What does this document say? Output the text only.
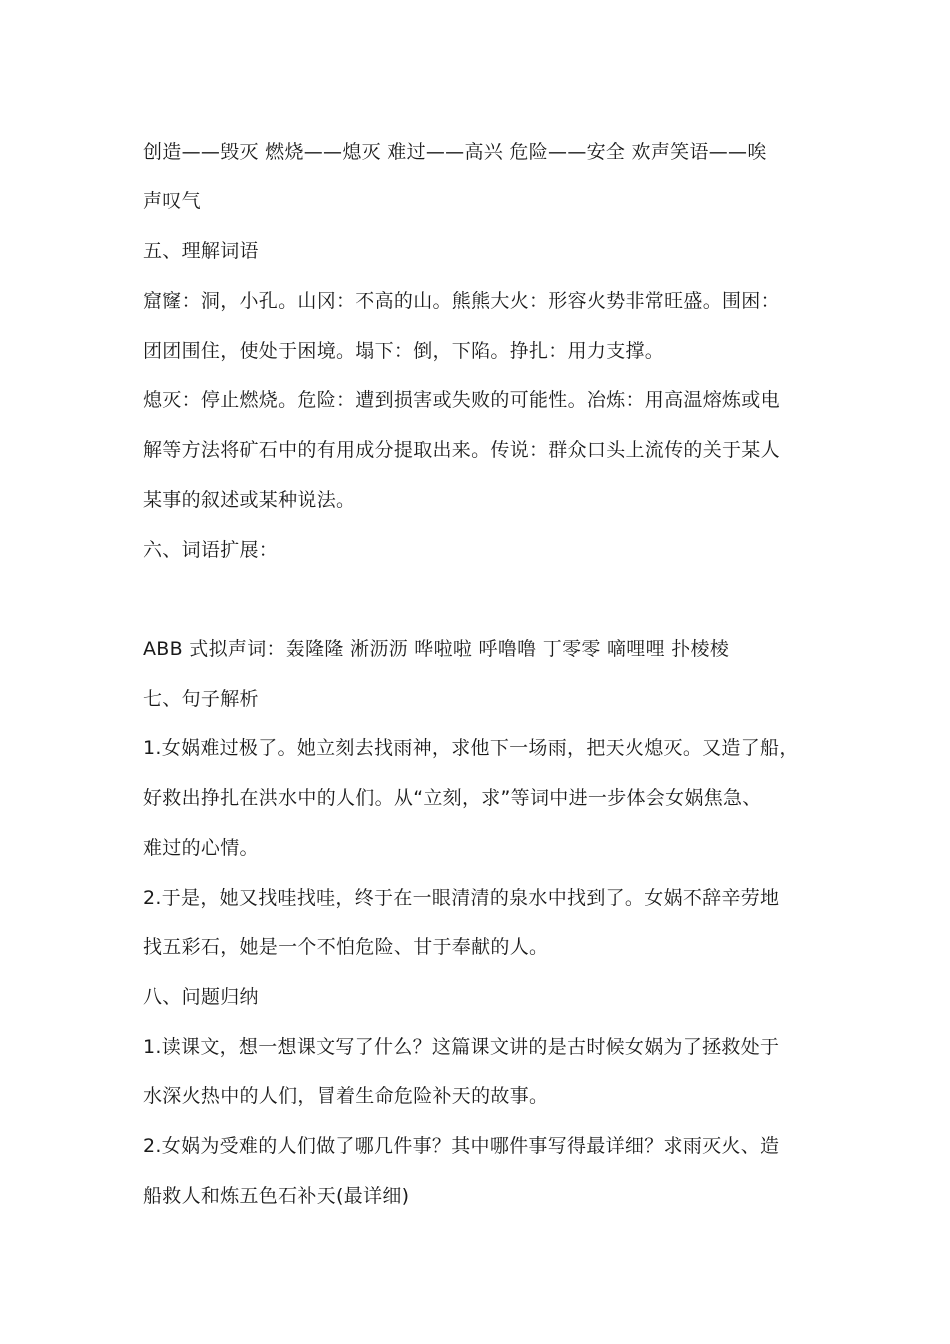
创造——毁灭 燃烧——熄灭 难过——高兴 危险——安全 欢声笑语——唉
声叹气
五、理解词语
窟窿：洞，小孔。山冈：不高的山。熊熊大火：形容火势非常旺盛。围困：
团团围住，使处于困境。塌下：倒，下陷。挣扎：用力支撑。
熄灭：停止燃烧。危险：遭到损害或失败的可能性。冶炼：用高温熔炼或电
解等方法将矿石中的有用成分提取出来。传说：群众口头上流传的关于某人
某事的叙述或某种说法。
六、词语扩展：
ABB 式拟声词：轰隆隆 淅沥沥 哗啦啦 呼噜噜 丁零零 嘀哩哩 扑棱棱
七、句子解析
1.女娲难过极了。她立刻去找雨神，求他下一场雨，把天火熄灭。又造了船，
好救出挣扎在洪水中的人们。从“立刻，求”等词中进一步体会女娲焦急、
难过的心情。
2.于是，她又找哇找哇，终于在一眼清清的泉水中找到了。女娲不辞辛劳地
找五彩石，她是一个不怕危险、甘于奉献的人。
八、问题归纳
1.读课文，想一想课文写了什么？这篇课文讲的是古时候女娲为了拯救处于
水深火热中的人们，冒着生命危险补天的故事。
2.女娲为受难的人们做了哪几件事？其中哪件事写得最详细？求雨灭火、造
船救人和炼五色石补天(最详细)
